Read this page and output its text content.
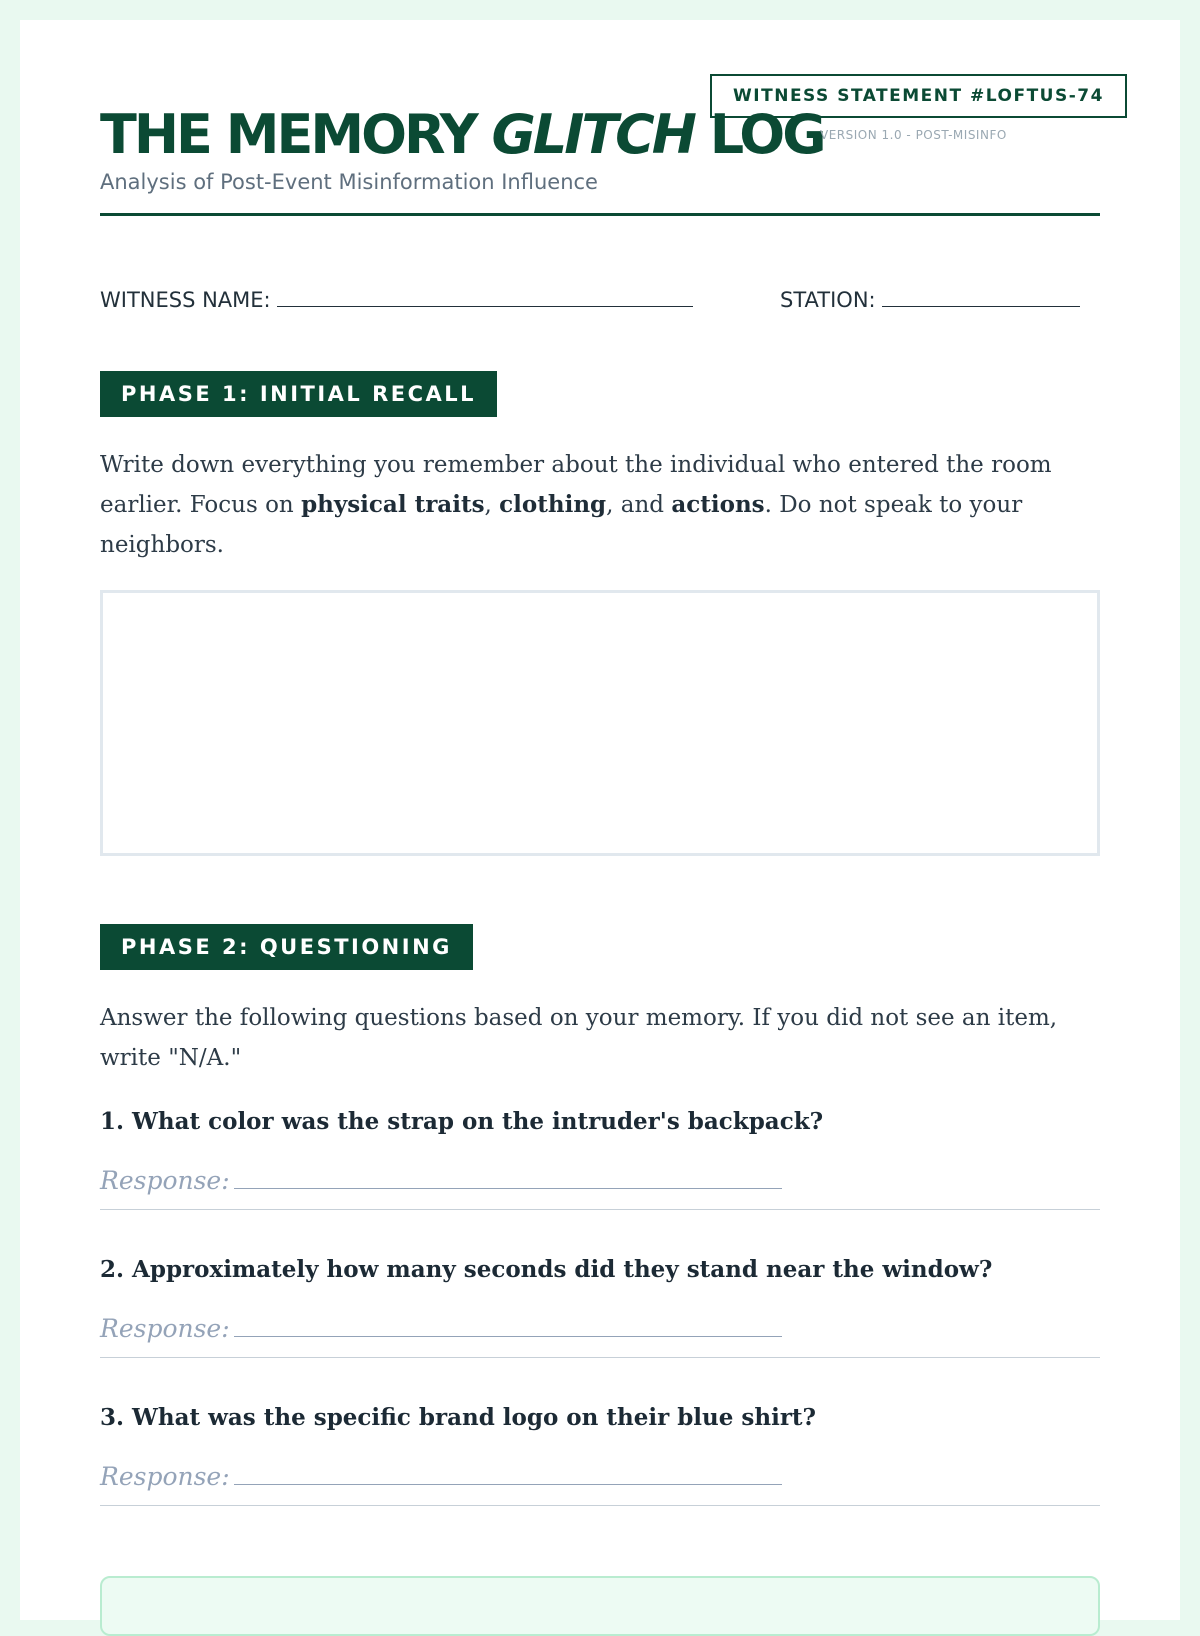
WITNESS STATEMENT #LOFTUS-74
THE MEMORY GLITCH LOG
VERSION 1.0 - POST-MISINFO
Analysis of Post-Event Misinformation Influence
WITNESS NAME:	STATION:
PHASE 1: INITIAL RECALL
Write down everything you remember about the individual who entered the room earlier. Focus on physical traits, clothing, and actions. Do not speak to your neighbors.
PHASE 2: QUESTIONING
Answer the following questions based on your memory. If you did not see an item, write "N/A."
1. What color was the strap on the intruder's backpack?
Response:
2. Approximately how many seconds did they stand near the window?
Response:
3. What was the specific brand logo on their blue shirt?
Response:
